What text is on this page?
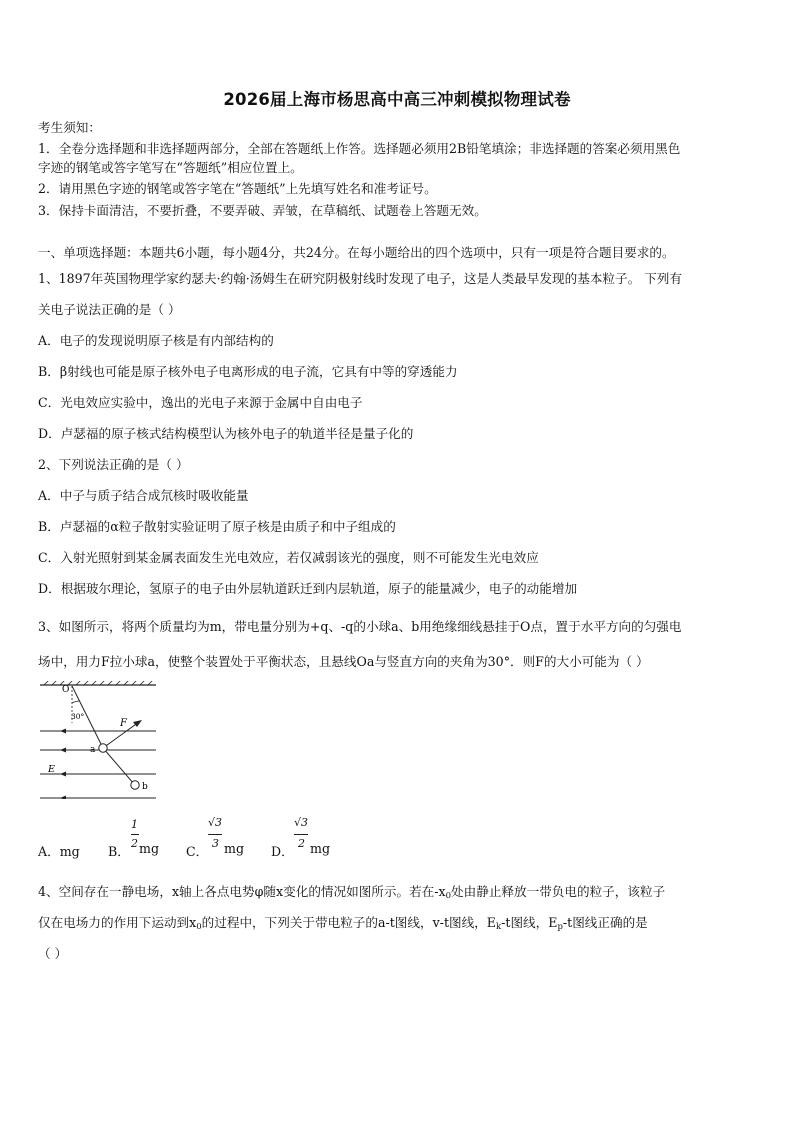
2026届上海市杨思高中高三冲刺模拟物理试卷
考生须知：
1．全卷分选择题和非选择题两部分，全部在答题纸上作答。选择题必须用2B铅笔填涂；非选择题的答案必须用黑色
字迹的钢笔或答字笔写在“答题纸”相应位置上。
2．请用黑色字迹的钢笔或答字笔在“答题纸”上先填写姓名和准考证号。
3．保持卡面清洁，不要折叠，不要弄破、弄皱，在草稿纸、试题卷上答题无效。
一、单项选择题：本题共6小题，每小题4分，共24分。在每小题给出的四个选项中，只有一项是符合题目要求的。
1、1897年英国物理学家约瑟夫·约翰·汤姆生在研究阴极射线时发现了电子，这是人类最早发现的基本粒子。 下列有
关电子说法正确的是（ ）
A．电子的发现说明原子核是有内部结构的
B．β射线也可能是原子核外电子电离形成的电子流，它具有中等的穿透能力
C．光电效应实验中，逸出的光电子来源于金属中自由电子
D．卢瑟福的原子核式结构模型认为核外电子的轨道半径是量子化的
2、下列说法正确的是（ ）
A．中子与质子结合成氘核时吸收能量
B．卢瑟福的α粒子散射实验证明了原子核是由质子和中子组成的
C．入射光照射到某金属表面发生光电效应，若仅减弱该光的强度，则不可能发生光电效应
D．根据玻尔理论，氢原子的电子由外层轨道跃迁到内层轨道，原子的能量减少，电子的动能增加
3、如图所示，将两个质量均为m，带电量分别为+q、-q的小球a、b用绝缘细线悬挂于O点，置于水平方向的匀强电
场中，用力F拉小球a，使整个装置处于平衡状态，且悬线Oa与竖直方向的夹角为30°．则F的大小可能为（ ）
O
30°
F
a
E
b
A．mg B．
1
2 mg C．
√3
3 mg D．
√3
2 mg
4、空间存在一静电场，x轴上各点电势φ随x变化的情况如图所示。若在$-x_0$处由静止释放一带负电的粒子，该粒子
仅在电场力的作用下运动到$x_0$的过程中，下列关于带电粒子的a-t图线，v-t图线，$E_k-t$图线，$E_p-t$图线正确的是
（ ）
